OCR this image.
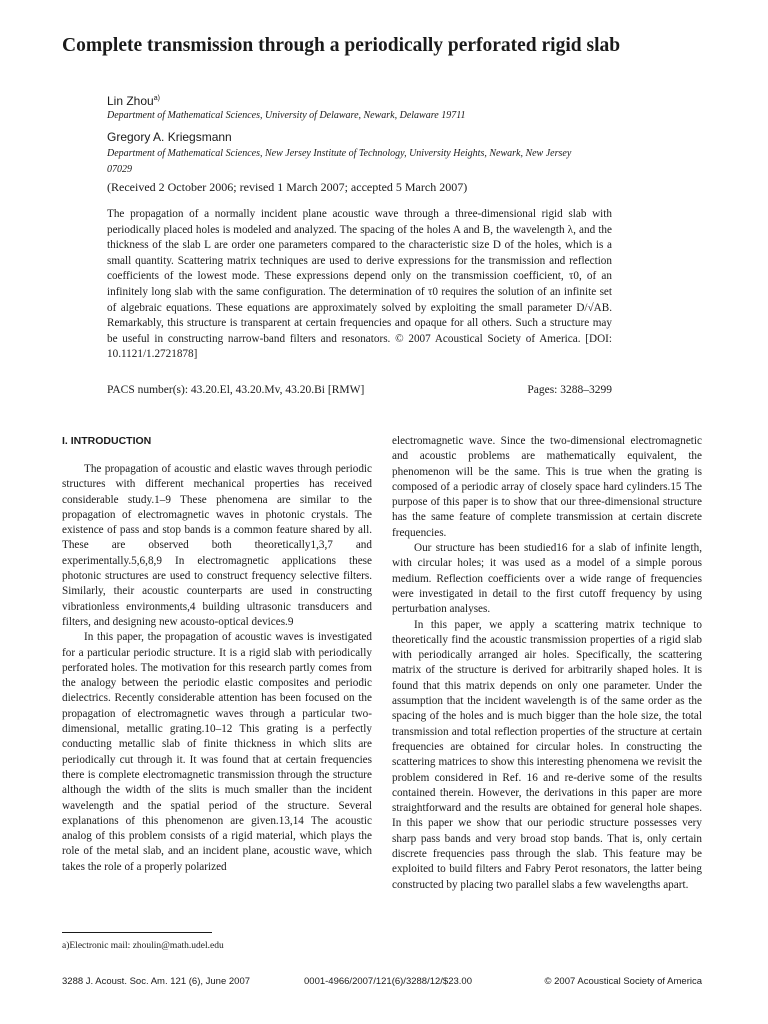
Complete transmission through a periodically perforated rigid slab

Lin Zhou$^{a)}$

Department of Mathematical Sciences, University of Delaware, Newark, Delaware 19711

Gregory A. Kriegsmann

Department of Mathematical Sciences, New Jersey Institute of Technology, University Heights, Newark, New Jersey 07029

(Received 2 October 2006; revised 1 March 2007; accepted 5 March 2007)

The propagation of a normally incident plane acoustic wave through a three-dimensional rigid slab with periodically placed holes is modeled and analyzed. The spacing of the holes A and B, the wavelength λ, and the thickness of the slab L are order one parameters compared to the characteristic size D of the holes, which is a small quantity. Scattering matrix techniques are used to derive expressions for the transmission and reflection coefficients of the lowest mode. These expressions depend only on the transmission coefficient, τ0, of an infinitely long slab with the same configuration. The determination of τ0 requires the solution of an infinite set of algebraic equations. These equations are approximately solved by exploiting the small parameter D/√AB. Remarkably, this structure is transparent at certain frequencies and opaque for all others. Such a structure may be useful in constructing narrow-band filters and resonators. © 2007 Acoustical Society of America. [DOI: 10.1121/1.2721878]

PACS number(s): 43.20.El, 43.20.Mv, 43.20.Bi [RMW]	Pages: 3288–3299

I. INTRODUCTION

The propagation of acoustic and elastic waves through periodic structures with different mechanical properties has received considerable study.1–9 These phenomena are similar to the propagation of electromagnetic waves in photonic crystals. The existence of pass and stop bands is a common feature shared by all. These are observed both theoretically1,3,7 and experimentally.5,6,8,9 In electromagnetic applications these photonic structures are used to construct frequency selective filters. Similarly, their acoustic counterparts are used in constructing vibrationless environments,4 building ultrasonic transducers and filters, and designing new acousto-optical devices.9

In this paper, the propagation of acoustic waves is investigated for a particular periodic structure. It is a rigid slab with periodically perforated holes. The motivation for this research partly comes from the analogy between the periodic elastic composites and periodic dielectrics. Recently considerable attention has been focused on the propagation of electromagnetic waves through a particular two-dimensional, metallic grating.10–12 This grating is a perfectly conducting metallic slab of finite thickness in which slits are periodically cut through it. It was found that at certain frequencies there is complete electromagnetic transmission through the structure although the width of the slits is much smaller than the incident wavelength and the spatial period of the structure. Several explanations of this phenomenon are given.13,14 The acoustic analog of this problem consists of a rigid material, which plays the role of the metal slab, and an incident plane, acoustic wave, which takes the role of a properly polarized

electromagnetic wave. Since the two-dimensional electromagnetic and acoustic problems are mathematically equivalent, the phenomenon will be the same. This is true when the grating is composed of a periodic array of closely space hard cylinders.15 The purpose of this paper is to show that our three-dimensional structure has the same feature of complete transmission at certain discrete frequencies.

Our structure has been studied16 for a slab of infinite length, with circular holes; it was used as a model of a simple porous medium. Reflection coefficients over a wide range of frequencies were investigated in detail to the first cutoff frequency by using perturbation analyses.

In this paper, we apply a scattering matrix technique to theoretically find the acoustic transmission properties of a rigid slab with periodically arranged air holes. Specifically, the scattering matrix of the structure is derived for arbitrarily shaped holes. It is found that this matrix depends on only one parameter. Under the assumption that the incident wavelength is of the same order as the spacing of the holes and is much bigger than the hole size, the total transmission and total reflection properties of the structure at certain frequencies are obtained for circular holes. In constructing the scattering matrices to show this interesting phenomena we revisit the problem considered in Ref. 16 and re-derive some of the results contained therein. However, the derivations in this paper are more straightforward and the results are obtained for general hole shapes. In this paper we show that our periodic structure possesses very sharp pass bands and very broad stop bands. That is, only certain discrete frequencies pass through the slab. This feature may be exploited to build filters and Fabry Perot resonators, the latter being constructed by placing two parallel slabs a few wavelengths apart.

a)Electronic mail: zhoulin@math.udel.edu

3288 J. Acoust. Soc. Am. 121 (6), June 2007	0001-4966/2007/121(6)/3288/12/$23.00	© 2007 Acoustical Society of America
